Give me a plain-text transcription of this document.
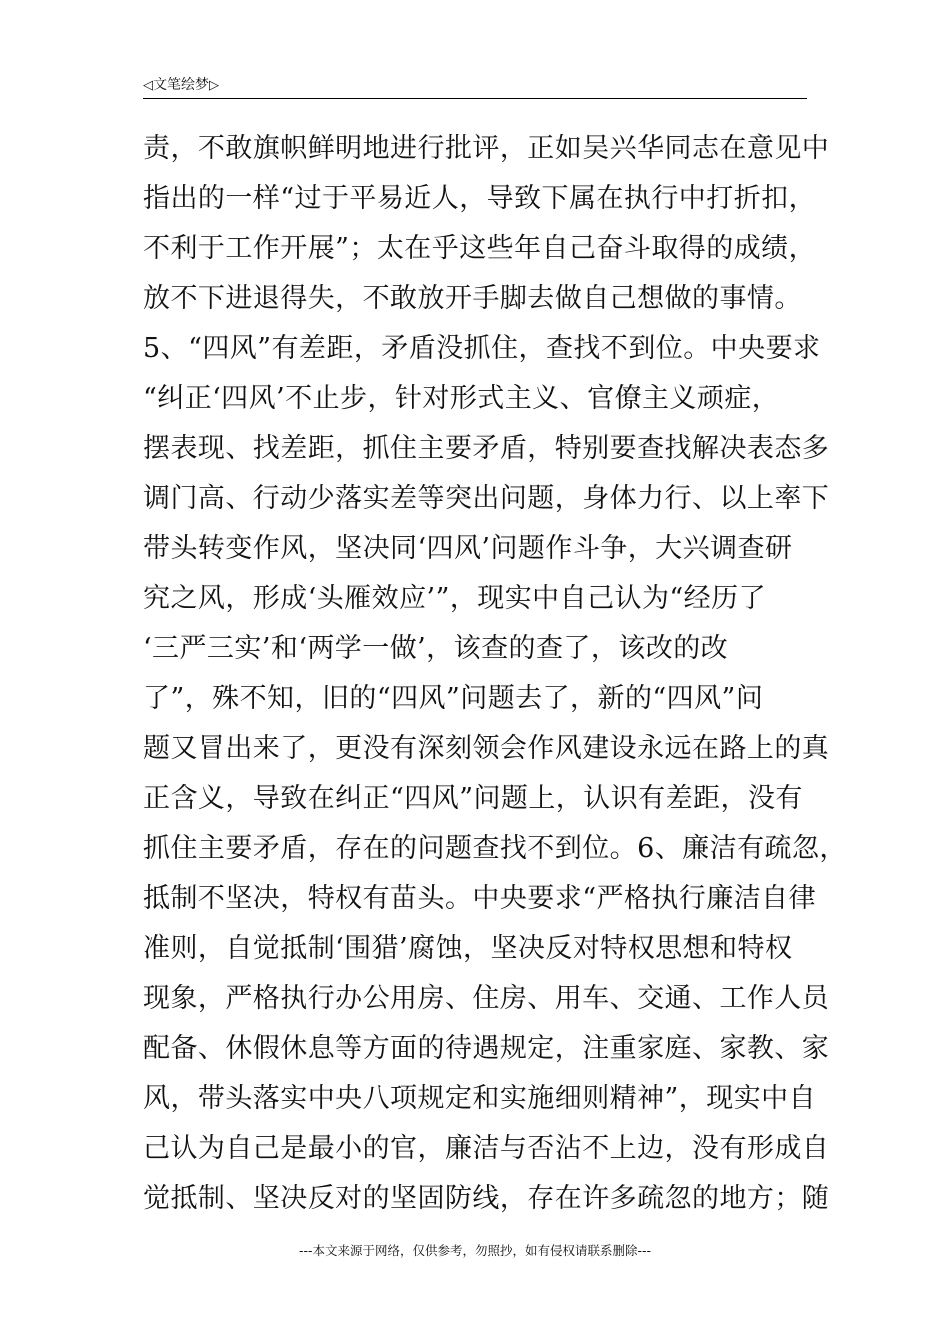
◁文笔绘梦▷
责，不敢旗帜鲜明地进行批评，正如吴兴华同志在意见中
指出的一样“过于平易近人，导致下属在执行中打折扣，
不利于工作开展”；太在乎这些年自己奋斗取得的成绩，
放不下进退得失，不敢放开手脚去做自己想做的事情。
5、“四风”有差距，矛盾没抓住，查找不到位。中央要求
“纠正‘四风’不止步，针对形式主义、官僚主义顽症，
摆表现、找差距，抓住主要矛盾，特别要查找解决表态多
调门高、行动少落实差等突出问题，身体力行、以上率下
带头转变作风，坚决同‘四风’问题作斗争，大兴调查研
究之风，形成‘头雁效应’”，现实中自己认为“经历了
‘三严三实’和‘两学一做’，该查的查了，该改的改
了”，殊不知，旧的“四风”问题去了，新的“四风”问
题又冒出来了，更没有深刻领会作风建设永远在路上的真
正含义，导致在纠正“四风”问题上，认识有差距，没有
抓住主要矛盾，存在的问题查找不到位。6、廉洁有疏忽，
抵制不坚决，特权有苗头。中央要求“严格执行廉洁自律
准则，自觉抵制‘围猎’腐蚀，坚决反对特权思想和特权
现象，严格执行办公用房、住房、用车、交通、工作人员
配备、休假休息等方面的待遇规定，注重家庭、家教、家
风，带头落实中央八项规定和实施细则精神”，现实中自
己认为自己是最小的官，廉洁与否沾不上边，没有形成自
觉抵制、坚决反对的坚固防线，存在许多疏忽的地方；随
---本文来源于网络，仅供参考，勿照抄，如有侵权请联系删除---
